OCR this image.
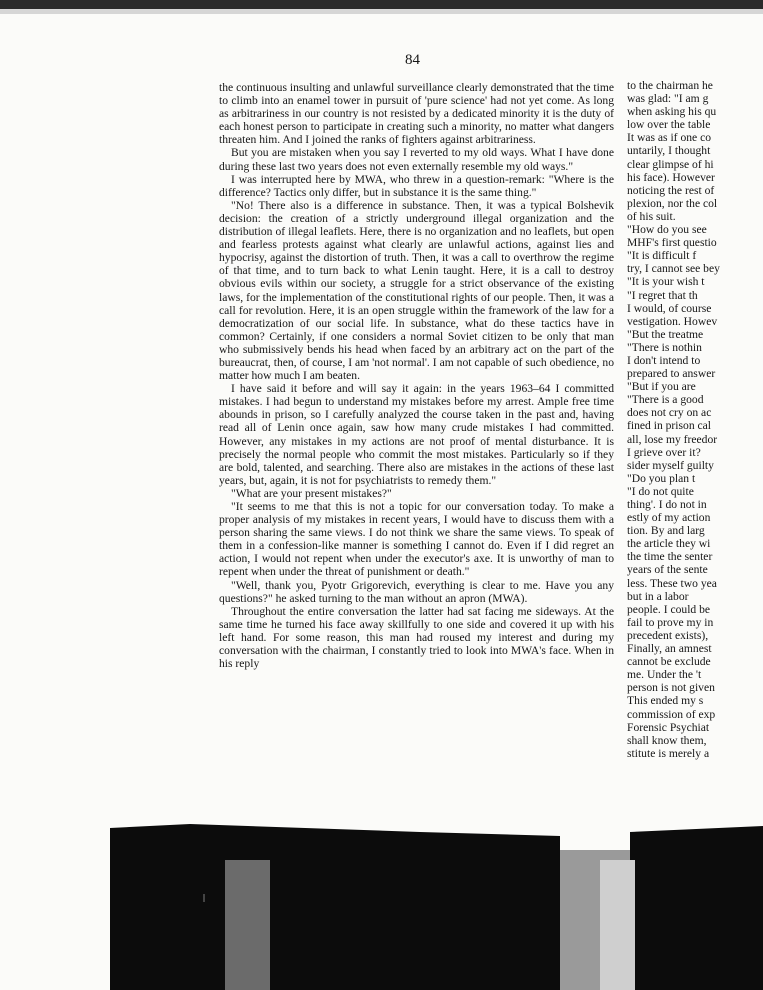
84

the continuous insulting and unlawful surveillance clearly demonstrated that the time to climb into an enamel tower in pursuit of 'pure science' had not yet come. As long as arbitrariness in our country is not resisted by a dedicated minority it is the duty of each honest person to participate in creating such a minority, no matter what dangers threaten him. And I joined the ranks of fighters against arbitrariness.

But you are mistaken when you say I reverted to my old ways. What I have done during these last two years does not even externally resemble my old ways."

I was interrupted here by MWA, who threw in a question-remark: "Where is the difference? Tactics only differ, but in substance it is the same thing."

"No! There also is a difference in substance. Then, it was a typical Bolshevik decision: the creation of a strictly underground illegal organization and the distribution of illegal leaflets. Here, there is no organization and no leaflets, but open and fearless protests against what clearly are unlawful actions, against lies and hypocrisy, against the distortion of truth. Then, it was a call to overthrow the regime of that time, and to turn back to what Lenin taught. Here, it is a call to destroy obvious evils within our society, a struggle for a strict observance of the existing laws, for the implementation of the constitutional rights of our people. Then, it was a call for revolution. Here, it is an open struggle within the framework of the law for a democratization of our social life. In substance, what do these tactics have in common? Certainly, if one considers a normal Soviet citizen to be only that man who submissively bends his head when faced by an arbitrary act on the part of the bureaucrat, then, of course, I am 'not normal'. I am not capable of such obedience, no matter how much I am beaten.

I have said it before and will say it again: in the years 1963–64 I committed mistakes. I had begun to understand my mistakes before my arrest. Ample free time abounds in prison, so I carefully analyzed the course taken in the past and, having read all of Lenin once again, saw how many crude mistakes I had committed. However, any mistakes in my actions are not proof of mental disturbance. It is precisely the normal people who commit the most mistakes. Particularly so if they are bold, talented, and searching. There also are mistakes in the actions of these last years, but, again, it is not for psychiatrists to remedy them."

"What are your present mistakes?"

"It seems to me that this is not a topic for our conversation today. To make a proper analysis of my mistakes in recent years, I would have to discuss them with a person sharing the same views. I do not think we share the same views. To speak of them in a confession-like manner is something I cannot do. Even if I did regret an action, I would not repent when under the executor's axe. It is unworthy of man to repent when under the threat of punishment or death."

"Well, thank you, Pyotr Grigorevich, everything is clear to me. Have you any questions?" he asked turning to the man without an apron (MWA).

Throughout the entire conversation the latter had sat facing me sideways. At the same time he turned his face away skillfully to one side and covered it up with his left hand. For some reason, this man had roused my interest and during my conversation with the chairman, I constantly tried to look into MWA's face. When in his reply

to the chairman he

was glad: "I am g

when asking his qu

low over the table

It was as if one co

untarily, I thought

clear glimpse of hi

his face). However

noticing the rest of

plexion, nor the col

of his suit.

"How do you see

MHF's first questio

"It is difficult f

try, I cannot see bey

"It is your wish t

"I regret that th

I would, of course

vestigation. Howev

"But the treatme

"There is nothin

I don't intend to

prepared to answer

"But if you are

"There is a good

does not cry on ac

fined in prison cal

all, lose my freedor

I grieve over it?

sider myself guilty

"Do you plan t

"I do not quite

thing'. I do not in

estly of my action

tion. By and larg

the article they wi

the time the senter

years of the sente

less. These two yea

but in a labor

people. I could be

fail to prove my in

precedent exists),

Finally, an amnest

cannot be exclude

me. Under the 't

person is not given

This ended my s

commission of exp

Forensic Psychiat

shall know them,

stitute is merely a
